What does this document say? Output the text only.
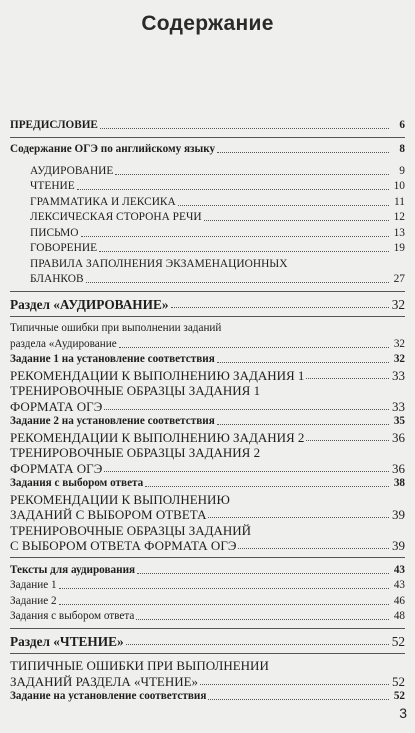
Содержание
ПРЕДИСЛОВИЕ	6
Содержание ОГЭ по английскому языку	8
АУДИРОВАНИЕ	9
ЧТЕНИЕ	10
ГРАММАТИКА И ЛЕКСИКА	11
ЛЕКСИЧЕСКАЯ СТОРОНА РЕЧИ	12
ПИСЬМО	13
ГОВОРЕНИЕ	19
ПРАВИЛА ЗАПОЛНЕНИЯ ЭКЗАМЕНАЦИОННЫХ
БЛАНКОВ	27
Раздел «АУДИРОВАНИЕ»	32
Типичные ошибки при выполнении заданий
раздела «Аудирование	32
Задание 1 на установление соответствия	32
РЕКОМЕНДАЦИИ К ВЫПОЛНЕНИЮ ЗАДАНИЯ 1	33
ТРЕНИРОВОЧНЫЕ ОБРАЗЦЫ ЗАДАНИЯ 1
ФОРМАТА ОГЭ	33
Задание 2 на установление соответствия	35
РЕКОМЕНДАЦИИ К ВЫПОЛНЕНИЮ ЗАДАНИЯ 2	36
ТРЕНИРОВОЧНЫЕ ОБРАЗЦЫ ЗАДАНИЯ 2
ФОРМАТА ОГЭ	36
Задания с выбором ответа	38
РЕКОМЕНДАЦИИ К ВЫПОЛНЕНИЮ
ЗАДАНИЙ С ВЫБОРОМ ОТВЕТА	39
ТРЕНИРОВОЧНЫЕ ОБРАЗЦЫ ЗАДАНИЙ
С ВЫБОРОМ ОТВЕТА ФОРМАТА ОГЭ	39
Тексты для аудирования	43
Задание 1	43
Задание 2	46
Задания с выбором ответа	48
Раздел «ЧТЕНИЕ»	52
ТИПИЧНЫЕ ОШИБКИ ПРИ ВЫПОЛНЕНИИ
ЗАДАНИЙ РАЗДЕЛА «ЧТЕНИЕ»	52
Задание на установление соответствия	52
3
